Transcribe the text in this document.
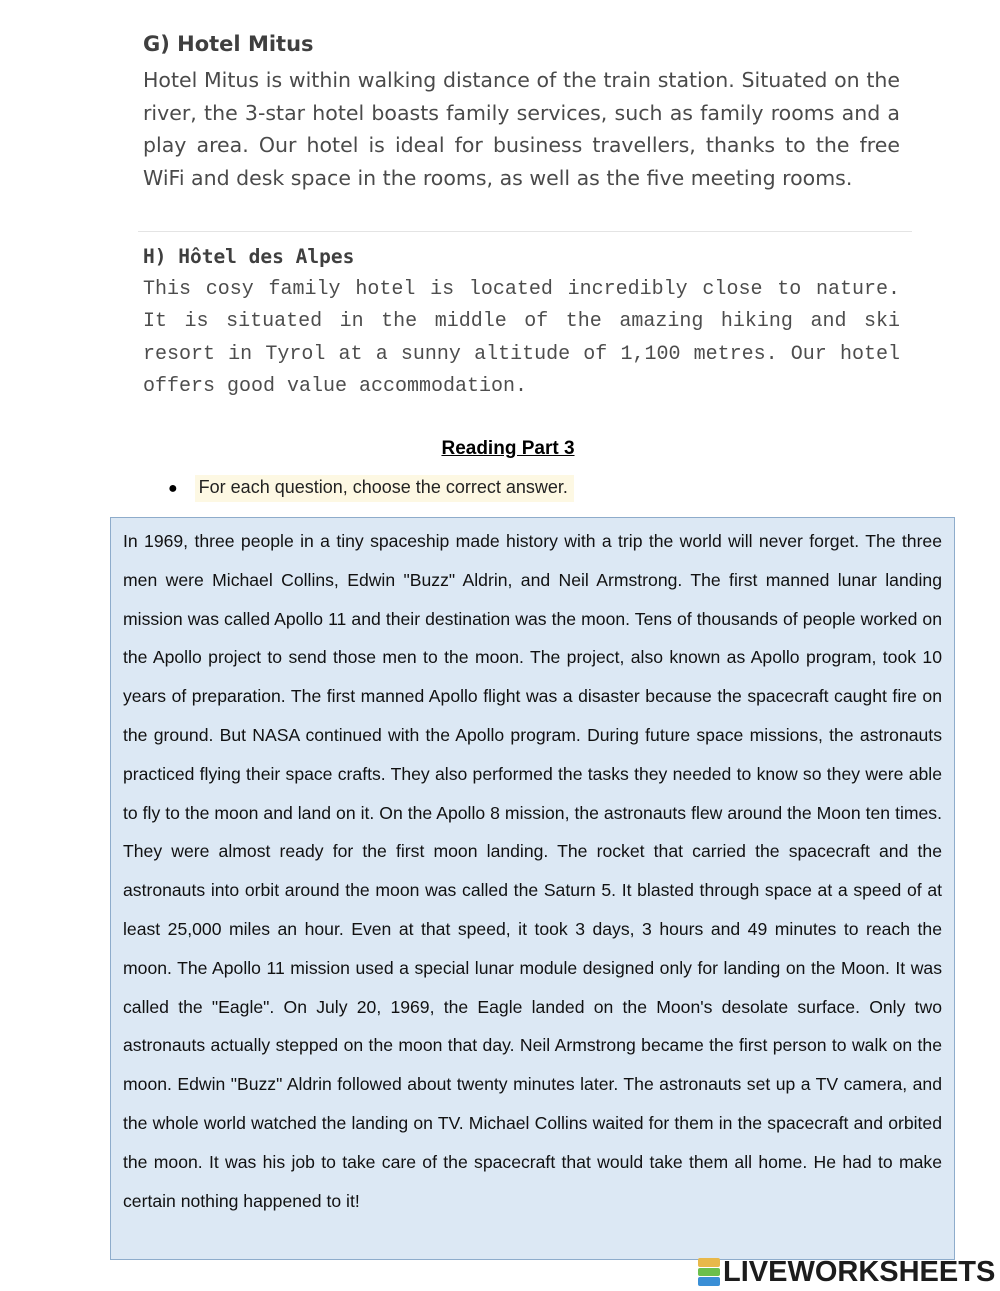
G) Hotel Mitus

Hotel Mitus is within walking distance of the train station. Situated on the river, the 3-star hotel boasts family services, such as family rooms and a play area. Our hotel is ideal for business travellers, thanks to the free WiFi and desk space in the rooms, as well as the five meeting rooms.

H) Hôtel des Alpes

This cosy family hotel is located incredibly close to nature. It is situated in the middle of the amazing hiking and ski resort in Tyrol at a sunny altitude of 1,100 metres. Our hotel offers good value accommodation.

Reading Part 3
● For each question, choose the correct answer.

In 1969, three people in a tiny spaceship made history with a trip the world will never forget. The three men were Michael Collins, Edwin "Buzz" Aldrin, and Neil Armstrong. The first manned lunar landing mission was called Apollo 11 and their destination was the moon. Tens of thousands of people worked on the Apollo project to send those men to the moon. The project, also known as Apollo program, took 10 years of preparation. The first manned Apollo flight was a disaster because the spacecraft caught fire on the ground. But NASA continued with the Apollo program. During future space missions, the astronauts practiced flying their space crafts. They also performed the tasks they needed to know so they were able to fly to the moon and land on it. On the Apollo 8 mission, the astronauts flew around the Moon ten times. They were almost ready for the first moon landing. The rocket that carried the spacecraft and the astronauts into orbit around the moon was called the Saturn 5. It blasted through space at a speed of at least 25,000 miles an hour. Even at that speed, it took 3 days, 3 hours and 49 minutes to reach the moon. The Apollo 11 mission used a special lunar module designed only for landing on the Moon. It was called the "Eagle". On July 20, 1969, the Eagle landed on the Moon's desolate surface. Only two astronauts actually stepped on the moon that day. Neil Armstrong became the first person to walk on the moon. Edwin "Buzz" Aldrin followed about twenty minutes later. The astronauts set up a TV camera, and the whole world watched the landing on TV. Michael Collins waited for them in the spacecraft and orbited the moon. It was his job to take care of the spacecraft that would take them all home. He had to make certain nothing happened to it!

LIVEWORKSHEETS
